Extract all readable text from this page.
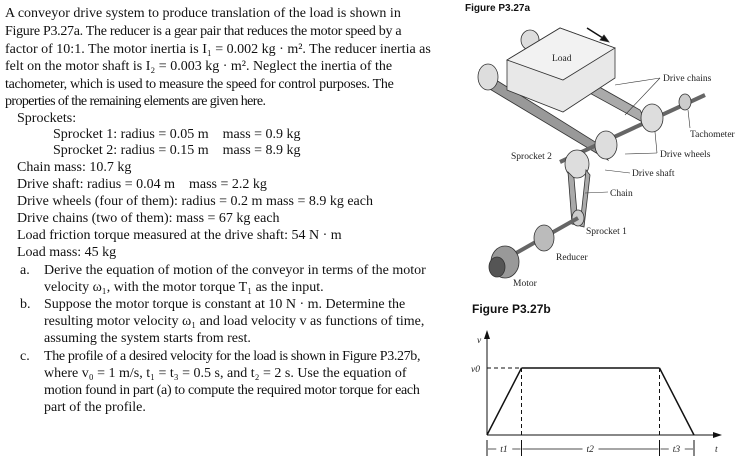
A conveyor drive system to produce translation of the load is shown in
Figure P3.27a. The reducer is a gear pair that reduces the motor speed by a
factor of 10:1. The motor inertia is I₁ = 0.002 kg · m². The reducer inertia as
felt on the motor shaft is I₂ = 0.003 kg · m². Neglect the inertia of the
tachometer, which is used to measure the speed for control purposes. The
properties of the remaining elements are given here.
Sprockets:
Sprocket 1: radius = 0.05 m    mass = 0.9 kg
Sprocket 2: radius = 0.15 m    mass = 8.9 kg
Chain mass: 10.7 kg
Drive shaft: radius = 0.04 m    mass = 2.2 kg
Drive wheels (four of them): radius = 0.2 m mass = 8.9 kg each
Drive chains (two of them): mass = 67 kg each
Load friction torque measured at the drive shaft: 54 N · m
Load mass: 45 kg
a. Derive the equation of motion of the conveyor in terms of the motor
velocity ω₁, with the motor torque T₁ as the input.
b. Suppose the motor torque is constant at 10 N · m. Determine the
resulting motor velocity ω₁ and load velocity v as functions of time,
assuming the system starts from rest.
c. The profile of a desired velocity for the load is shown in Figure P3.27b,
where v₀ = 1 m/s, t₁ = t₃ = 0.5 s, and t₂ = 2 s. Use the equation of
motion found in part (a) to compute the required motor torque for each
part of the profile.
Figure P3.27a
Load
Drive chains
Tachometer
Drive wheels
Drive shaft
Chain
Sprocket 1
Sprocket 2
Reducer
Motor
Figure P3.27b
v
v0
t
t1	t2	t3
